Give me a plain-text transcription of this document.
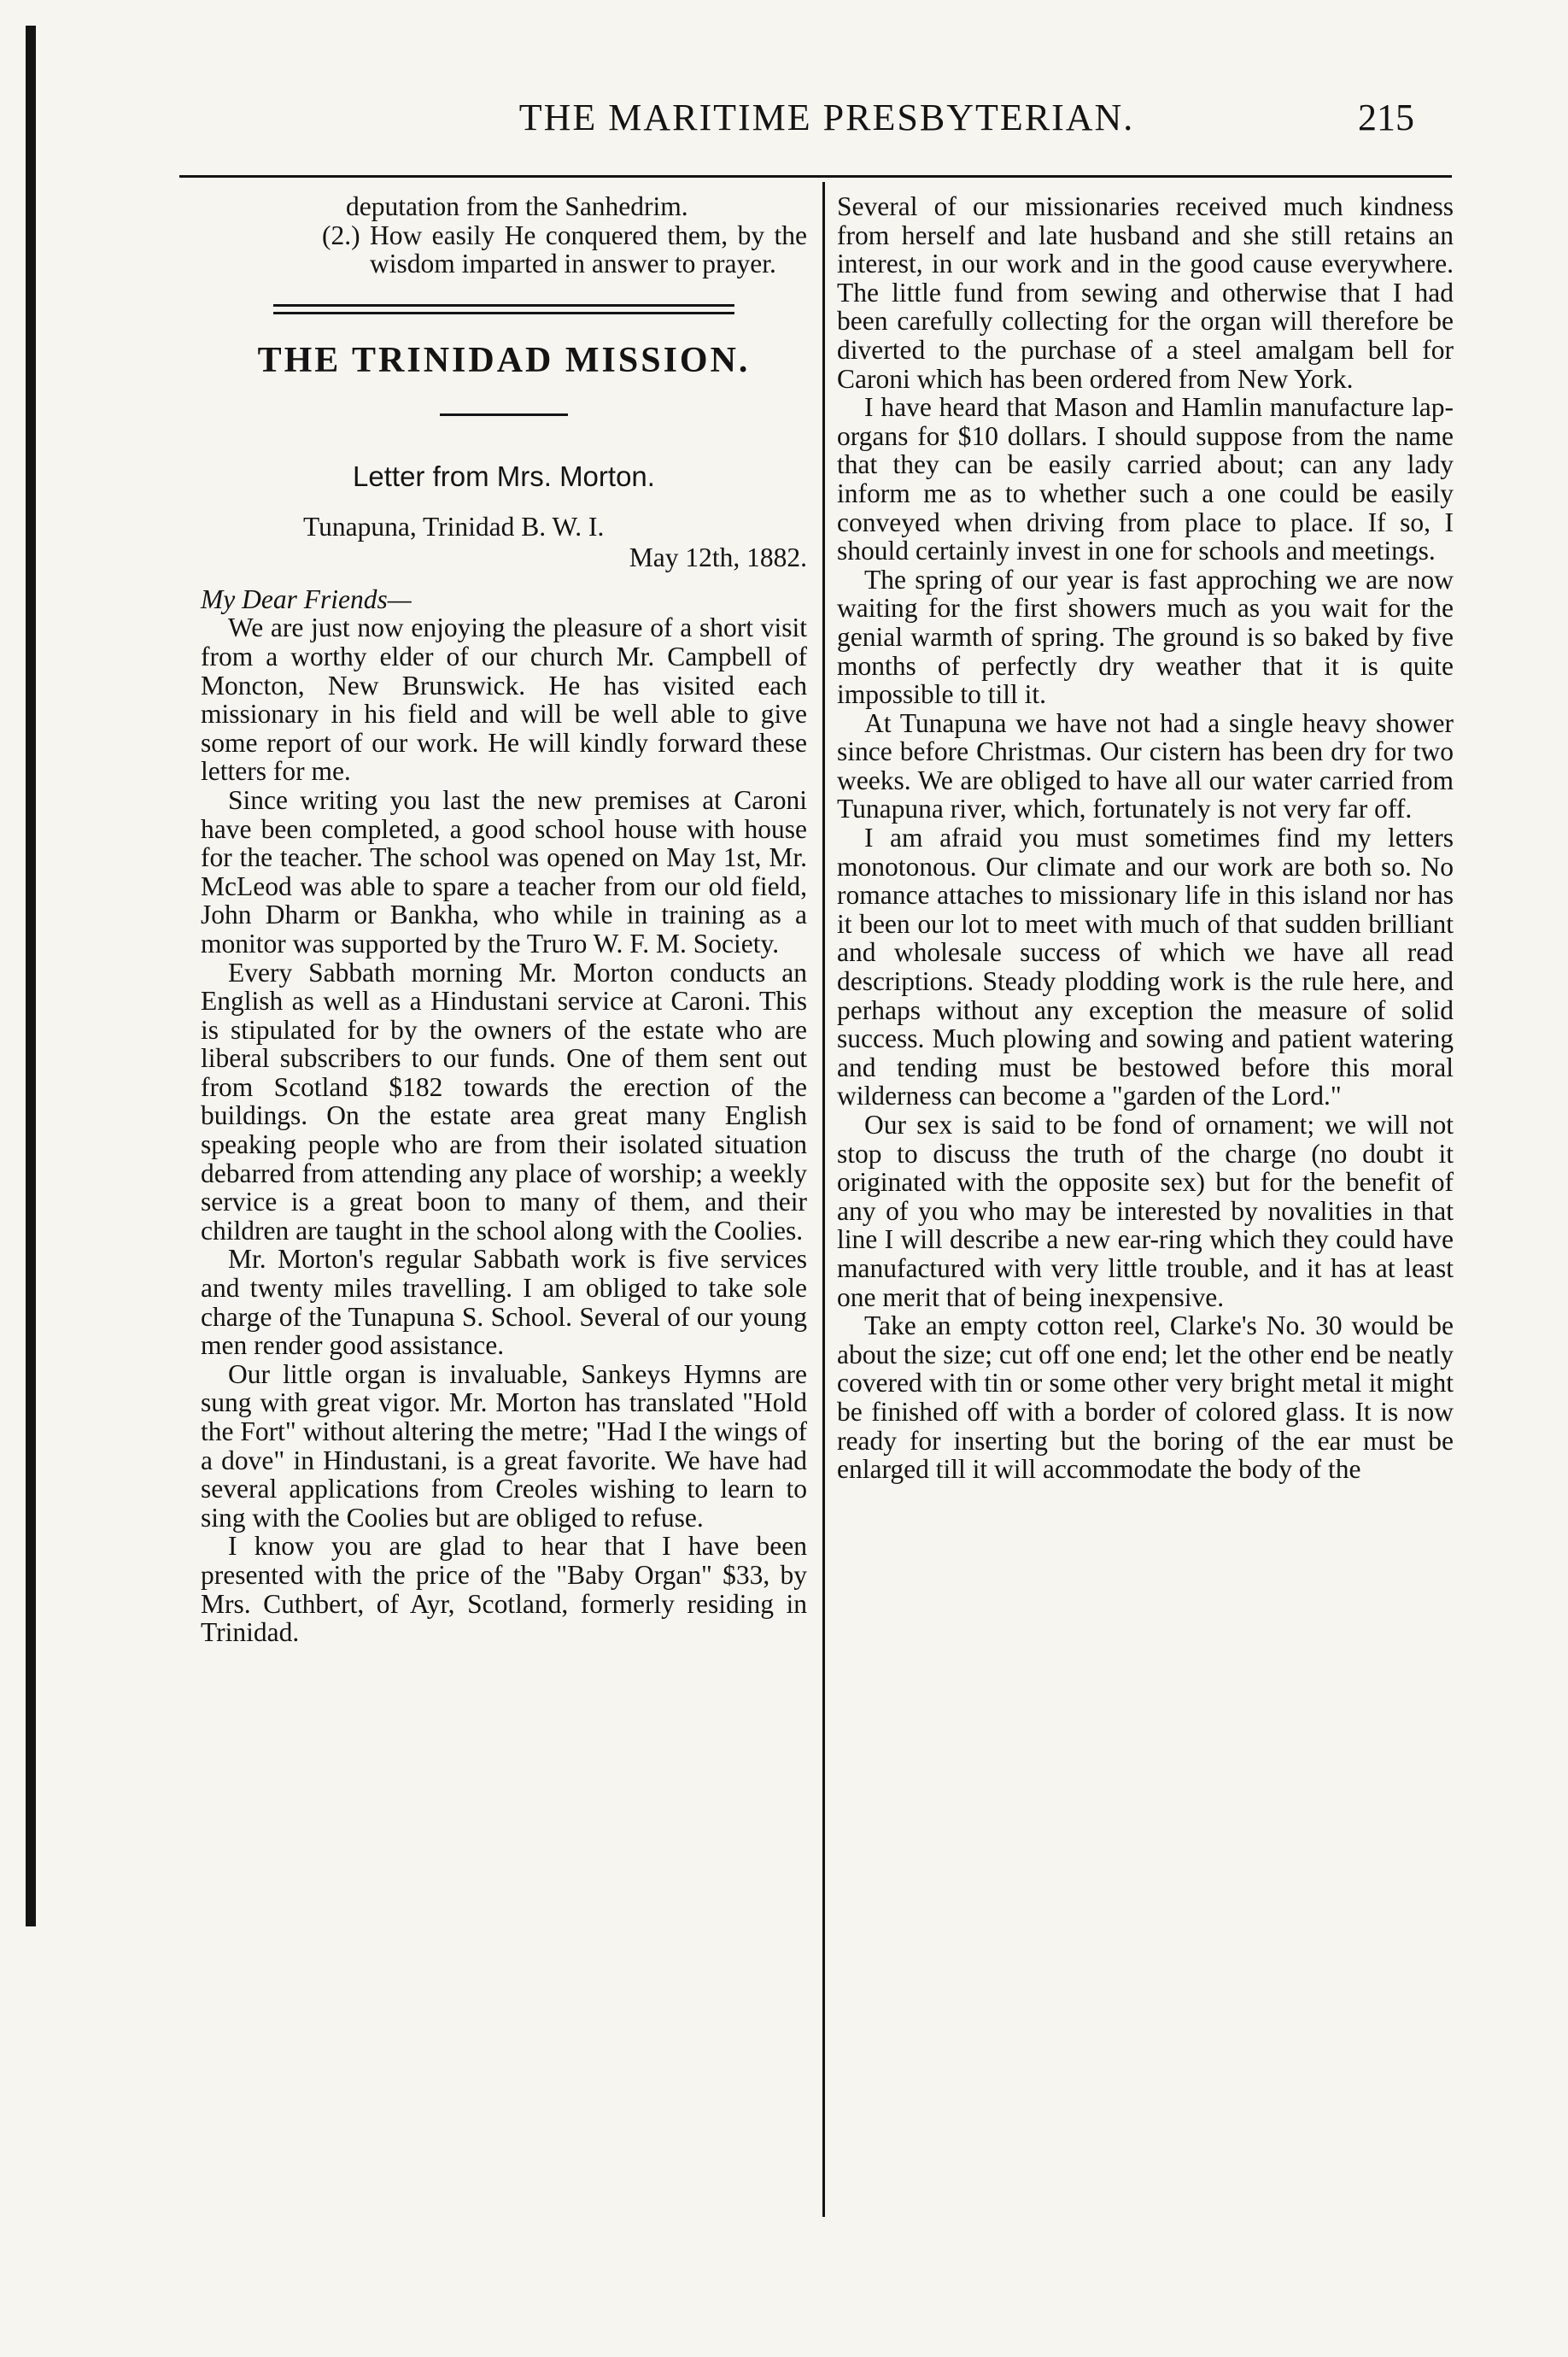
THE MARITIME PRESBYTERIAN.	215
deputation from the Sanhedrim.
(2.) How easily He conquered them, by the wisdom imparted in answer to prayer.
THE TRINIDAD MISSION.
Letter from Mrs. Morton.
Tunapuna, Trinidad B. W. I.
May 12th, 1882.
My Dear Friends—

We are just now enjoying the pleasure of a short visit from a worthy elder of our church Mr. Campbell of Moncton, New Brunswick. He has visited each missionary in his field and will be well able to give some report of our work. He will kindly forward these letters for me.

Since writing you last the new premises at Caroni have been completed, a good school house with house for the teacher. The school was opened on May 1st, Mr. McLeod was able to spare a teacher from our old field, John Dharm or Bankha, who while in training as a monitor was supported by the Truro W. F. M. Society.

Every Sabbath morning Mr. Morton conducts an English as well as a Hindustani service at Caroni. This is stipulated for by the owners of the estate who are liberal subscribers to our funds. One of them sent out from Scotland $182 towards the erection of the buildings. On the estate area great many English speaking people who are from their isolated situation debarred from attending any place of worship; a weekly service is a great boon to many of them, and their children are taught in the school along with the Coolies.

Mr. Morton's regular Sabbath work is five services and twenty miles travelling. I am obliged to take sole charge of the Tunapuna S. School. Several of our young men render good assistance.

Our little organ is invaluable, Sankeys Hymns are sung with great vigor. Mr. Morton has translated "Hold the Fort" without altering the metre; "Had I the wings of a dove" in Hindustani, is a great favorite. We have had several applications from Creoles wishing to learn to sing with the Coolies but are obliged to refuse.

I know you are glad to hear that I have been presented with the price of the "Baby Organ" $33, by Mrs. Cuthbert, of Ayr, Scotland, formerly residing in Trinidad.

Several of our missionaries received much kindness from herself and late husband and she still retains an interest, in our work and in the good cause everywhere. The little fund from sewing and otherwise that I had been carefully collecting for the organ will therefore be diverted to the purchase of a steel amalgam bell for Caroni which has been ordered from New York.

I have heard that Mason and Hamlin manufacture lap-organs for $10 dollars. I should suppose from the name that they can be easily carried about; can any lady inform me as to whether such a one could be easily conveyed when driving from place to place. If so, I should certainly invest in one for schools and meetings.

The spring of our year is fast approching we are now waiting for the first showers much as you wait for the genial warmth of spring. The ground is so baked by five months of perfectly dry weather that it is quite impossible to till it.

At Tunapuna we have not had a single heavy shower since before Christmas. Our cistern has been dry for two weeks. We are obliged to have all our water carried from Tunapuna river, which, fortunately is not very far off.

I am afraid you must sometimes find my letters monotonous. Our climate and our work are both so. No romance attaches to missionary life in this island nor has it been our lot to meet with much of that sudden brilliant and wholesale success of which we have all read descriptions. Steady plodding work is the rule here, and perhaps without any exception the measure of solid success. Much plowing and sowing and patient watering and tending must be bestowed before this moral wilderness can become a "garden of the Lord."

Our sex is said to be fond of ornament; we will not stop to discuss the truth of the charge (no doubt it originated with the opposite sex) but for the benefit of any of you who may be interested by novalities in that line I will describe a new ear-ring which they could have manufactured with very little trouble, and it has at least one merit that of being inexpensive.

Take an empty cotton reel, Clarke's No. 30 would be about the size; cut off one end; let the other end be neatly covered with tin or some other very bright metal it might be finished off with a border of colored glass. It is now ready for inserting but the boring of the ear must be enlarged till it will accommodate the body of the
